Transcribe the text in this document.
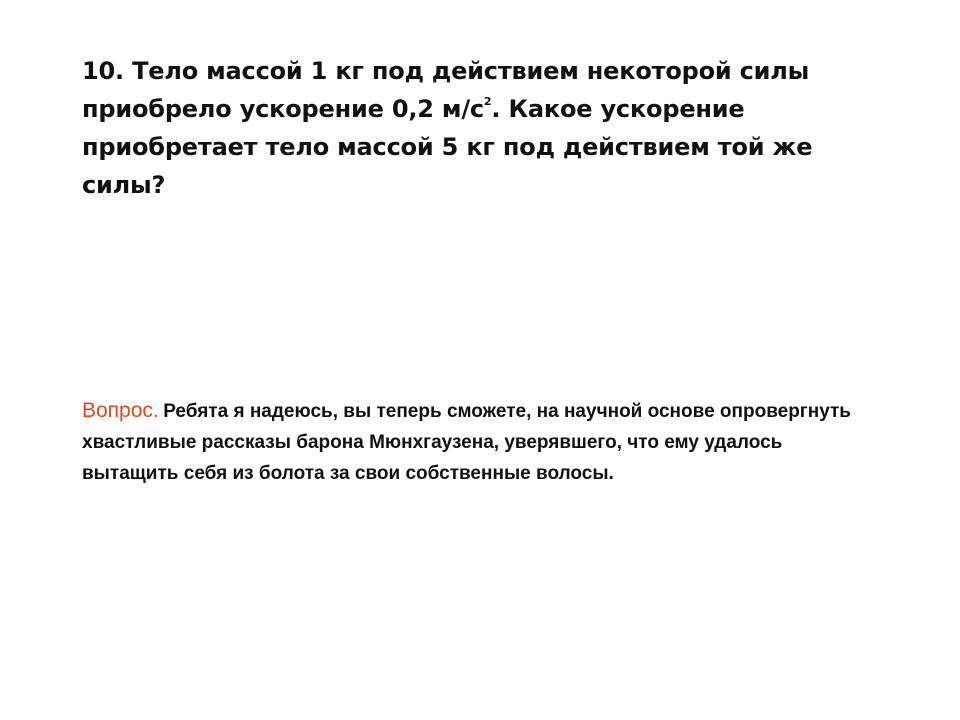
10. Тело массой 1 кг под действием некоторой силы приобрело ускорение 0,2 $м/с^2$. Какое ускорение приобретает тело массой 5 кг под действием той же силы?

Вопрос. Ребята я надеюсь, вы теперь сможете, на научной основе опровергнуть хвастливые рассказы барона Мюнхгаузена, уверявшего, что ему удалось вытащить себя из болота за свои собственные волосы.
